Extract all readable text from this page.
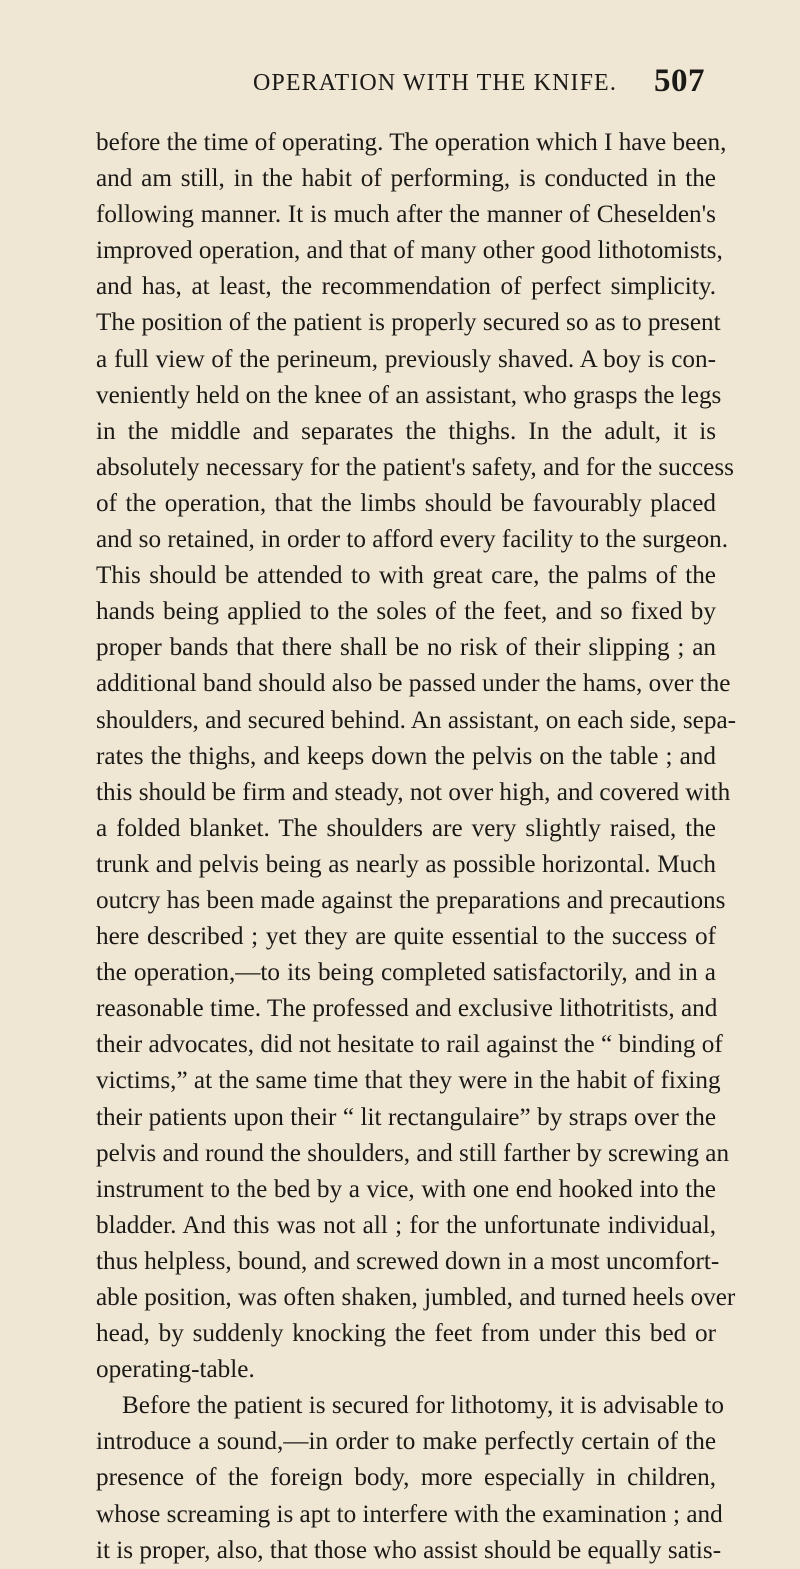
OPERATION WITH THE KNIFE. 507
before the time of operating. The operation which I have been,
and am still, in the habit of performing, is conducted in the
following manner. It is much after the manner of Cheselden's
improved operation, and that of many other good lithotomists,
and has, at least, the recommendation of perfect simplicity.
The position of the patient is properly secured so as to present
a full view of the perineum, previously shaved. A boy is con-
veniently held on the knee of an assistant, who grasps the legs
in the middle and separates the thighs. In the adult, it is
absolutely necessary for the patient's safety, and for the success
of the operation, that the limbs should be favourably placed
and so retained, in order to afford every facility to the surgeon.
This should be attended to with great care, the palms of the
hands being applied to the soles of the feet, and so fixed by
proper bands that there shall be no risk of their slipping ; an
additional band should also be passed under the hams, over the
shoulders, and secured behind. An assistant, on each side, sepa-
rates the thighs, and keeps down the pelvis on the table ; and
this should be firm and steady, not over high, and covered with
a folded blanket. The shoulders are very slightly raised, the
trunk and pelvis being as nearly as possible horizontal. Much
outcry has been made against the preparations and precautions
here described ; yet they are quite essential to the success of
the operation,—to its being completed satisfactorily, and in a
reasonable time. The professed and exclusive lithotritists, and
their advocates, did not hesitate to rail against the “ binding of
victims,” at the same time that they were in the habit of fixing
their patients upon their “ lit rectangulaire” by straps over the
pelvis and round the shoulders, and still farther by screwing an
instrument to the bed by a vice, with one end hooked into the
bladder. And this was not all ; for the unfortunate individual,
thus helpless, bound, and screwed down in a most uncomfort-
able position, was often shaken, jumbled, and turned heels over
head, by suddenly knocking the feet from under this bed or
operating-table.
Before the patient is secured for lithotomy, it is advisable to
introduce a sound,—in order to make perfectly certain of the
presence of the foreign body, more especially in children,
whose screaming is apt to interfere with the examination ; and
it is proper, also, that those who assist should be equally satis-
